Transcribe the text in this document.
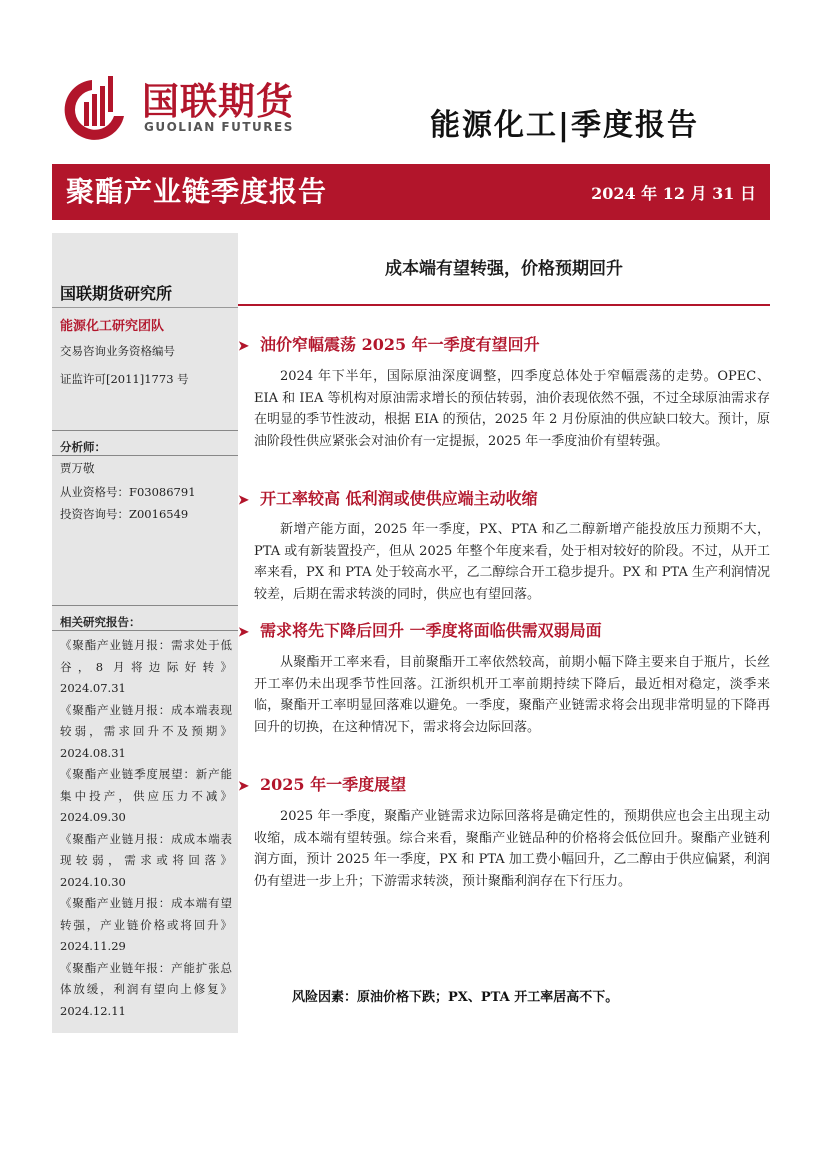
国联期货
GUOLIAN FUTURES	能源化工|季度报告
聚酯产业链季度报告	2024 年 12 月 31 日
国联期货研究所
能源化工研究团队
交易咨询业务资格编号
证监许可[2011]1773 号
分析师：
贾万敬
从业资格号：F03086791
投资咨询号：Z0016549
相关研究报告：
《聚酯产业链月报：需求处于低谷，8 月将边际好转》2024.07.31
《聚酯产业链月报：成本端表现较弱，需求回升不及预期》2024.08.31
《聚酯产业链季度展望：新产能集中投产，供应压力不减》2024.09.30
《聚酯产业链月报：成成本端表现较弱，需求或将回落》2024.10.30
《聚酯产业链月报：成本端有望转强，产业链价格或将回升》2024.11.29
《聚酯产业链年报：产能扩张总体放缓，利润有望向上修复》2024.12.11
成本端有望转强，价格预期回升
➤ 油价窄幅震荡 2025 年一季度有望回升
2024 年下半年，国际原油深度调整，四季度总体处于窄幅震荡的走势。OPEC、EIA 和 IEA 等机构对原油需求增长的预估转弱，油价表现依然不强，不过全球原油需求存在明显的季节性波动，根据 EIA 的预估，2025 年 2 月份原油的供应缺口较大。预计，原油阶段性供应紧张会对油价有一定提振，2025 年一季度油价有望转强。
➤ 开工率较高 低利润或使供应端主动收缩
新增产能方面，2025 年一季度，PX、PTA 和乙二醇新增产能投放压力预期不大，PTA 或有新装置投产，但从 2025 年整个年度来看，处于相对较好的阶段。不过，从开工率来看，PX 和 PTA 处于较高水平，乙二醇综合开工稳步提升。PX 和 PTA 生产利润情况较差，后期在需求转淡的同时，供应也有望回落。
➤ 需求将先下降后回升 一季度将面临供需双弱局面
从聚酯开工率来看，目前聚酯开工率依然较高，前期小幅下降主要来自于瓶片，长丝开工率仍未出现季节性回落。江浙织机开工率前期持续下降后，最近相对稳定，淡季来临，聚酯开工率明显回落难以避免。一季度，聚酯产业链需求将会出现非常明显的下降再回升的切换，在这种情况下，需求将会边际回落。
➤ 2025 年一季度展望
2025 年一季度，聚酯产业链需求边际回落将是确定性的，预期供应也会主出现主动收缩，成本端有望转强。综合来看，聚酯产业链品种的价格将会低位回升。聚酯产业链利润方面，预计 2025 年一季度，PX 和 PTA 加工费小幅回升，乙二醇由于供应偏紧，利润仍有望进一步上升；下游需求转淡，预计聚酯利润存在下行压力。
风险因素：原油价格下跌；PX、PTA 开工率居高不下。
